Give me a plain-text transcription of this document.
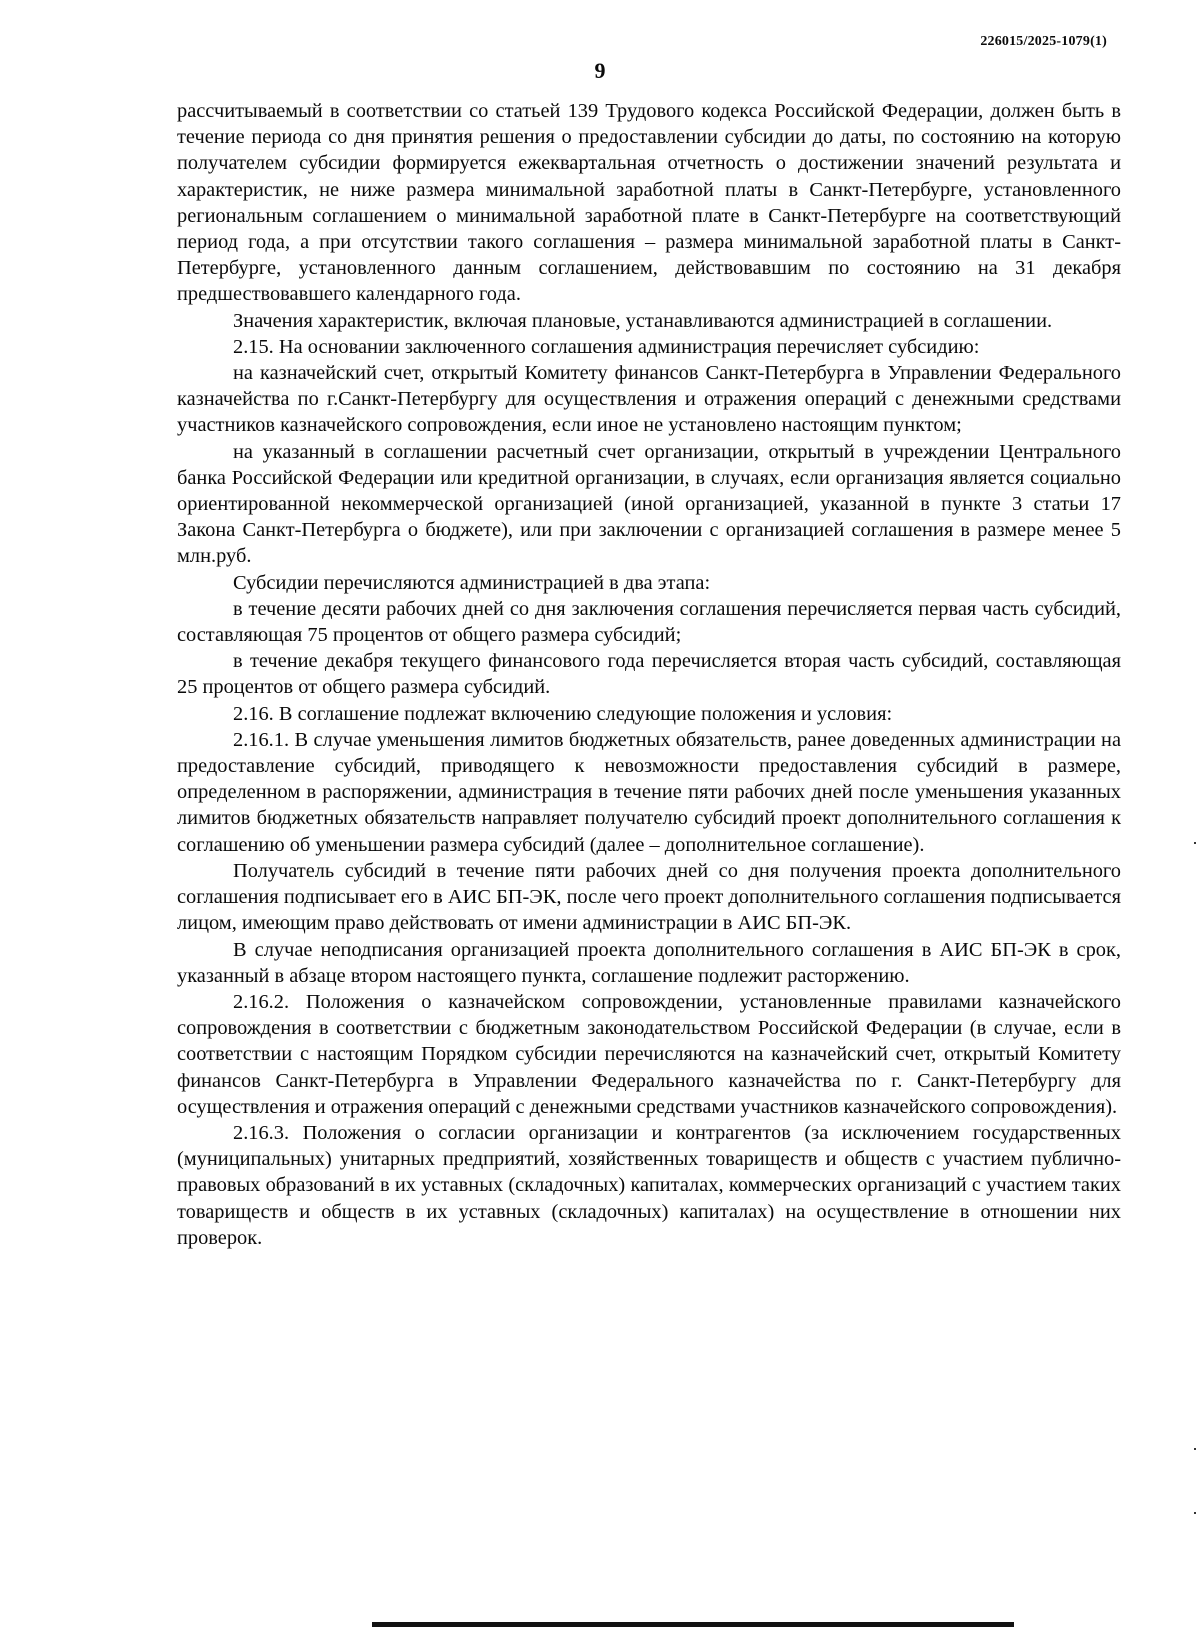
226015/2025-1079(1)
9

рассчитываемый в соответствии со статьей 139 Трудового кодекса Российской Федерации, должен быть в течение периода со дня принятия решения о предоставлении субсидии до даты, по состоянию на которую получателем субсидии формируется ежеквартальная отчетность о достижении значений результата и характеристик, не ниже размера минимальной заработной платы в Санкт-Петербурге, установленного региональным соглашением о минимальной заработной плате в Санкт-Петербурге на соответствующий период года, а при отсутствии такого соглашения – размера минимальной заработной платы в Санкт-Петербурге, установленного данным соглашением, действовавшим по состоянию на 31 декабря предшествовавшего календарного года.

Значения характеристик, включая плановые, устанавливаются администрацией в соглашении.

2.15. На основании заключенного соглашения администрация перечисляет субсидию:

на казначейский счет, открытый Комитету финансов Санкт-Петербурга в Управлении Федерального казначейства по г.Санкт-Петербургу для осуществления и отражения операций с денежными средствами участников казначейского сопровождения, если иное не установлено настоящим пунктом;

на указанный в соглашении расчетный счет организации, открытый в учреждении Центрального банка Российской Федерации или кредитной организации, в случаях, если организация является социально ориентированной некоммерческой организацией (иной организацией, указанной в пункте 3 статьи 17 Закона Санкт-Петербурга о бюджете), или при заключении с организацией соглашения в размере менее 5 млн.руб.

Субсидии перечисляются администрацией в два этапа:

в течение десяти рабочих дней со дня заключения соглашения перечисляется первая часть субсидий, составляющая 75 процентов от общего размера субсидий;

в течение декабря текущего финансового года перечисляется вторая часть субсидий, составляющая 25 процентов от общего размера субсидий.

2.16. В соглашение подлежат включению следующие положения и условия:

2.16.1. В случае уменьшения лимитов бюджетных обязательств, ранее доведенных администрации на предоставление субсидий, приводящего к невозможности предоставления субсидий в размере, определенном в распоряжении, администрация в течение пяти рабочих дней после уменьшения указанных лимитов бюджетных обязательств направляет получателю субсидий проект дополнительного соглашения к соглашению об уменьшении размера субсидий (далее – дополнительное соглашение).

Получатель субсидий в течение пяти рабочих дней со дня получения проекта дополнительного соглашения подписывает его в АИС БП-ЭК, после чего проект дополнительного соглашения подписывается лицом, имеющим право действовать от имени администрации в АИС БП-ЭК.

В случае неподписания организацией проекта дополнительного соглашения в АИС БП-ЭК в срок, указанный в абзаце втором настоящего пункта, соглашение подлежит расторжению.

2.16.2. Положения о казначейском сопровождении, установленные правилами казначейского сопровождения в соответствии с бюджетным законодательством Российской Федерации (в случае, если в соответствии с настоящим Порядком субсидии перечисляются на казначейский счет, открытый Комитету финансов Санкт-Петербурга в Управлении Федерального казначейства по г. Санкт-Петербургу для осуществления и отражения операций с денежными средствами участников казначейского сопровождения).

2.16.3. Положения о согласии организации и контрагентов (за исключением государственных (муниципальных) унитарных предприятий, хозяйственных товариществ и обществ с участием публично-правовых образований в их уставных (складочных) капиталах, коммерческих организаций с участием таких товариществ и обществ в их уставных (складочных) капиталах) на осуществление в отношении них проверок.
